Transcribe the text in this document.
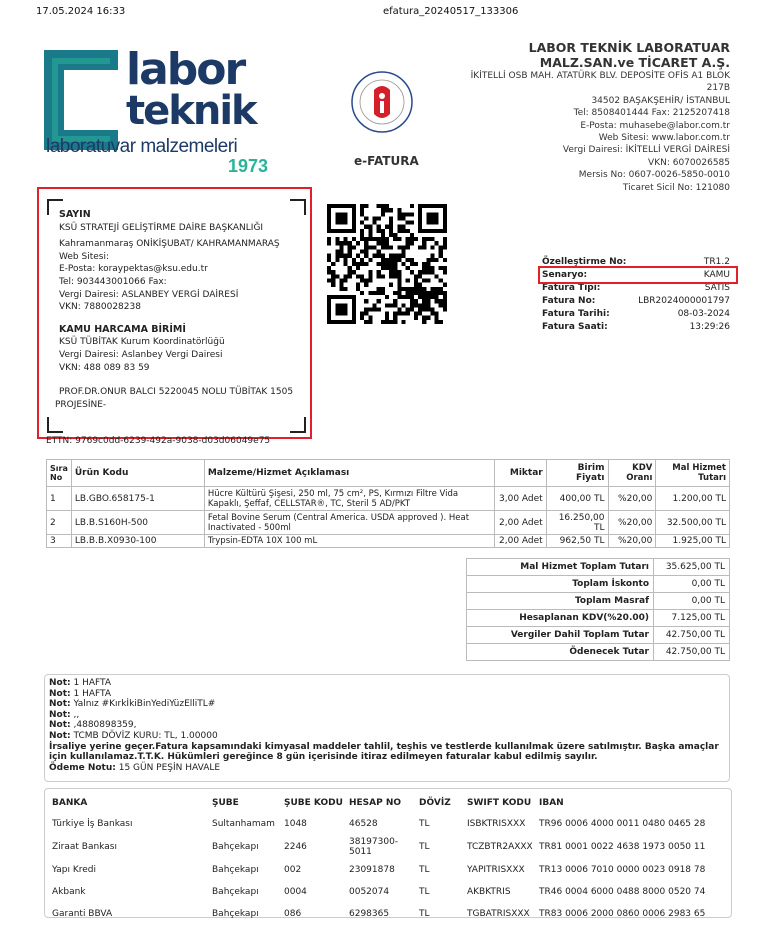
17.05.2024 16:33	efatura_20240517_133306
labor
teknik
laboratuvar malzemeleri
1973	e-FATURA
LABOR TEKNİK LABORATUAR
MALZ.SAN.ve TİCARET A.Ş.
İKİTELLİ OSB MAH. ATATÜRK BLV. DEPOSİTE OFİS A1 BLOK
217B
34502 BAŞAKŞEHİR/ İSTANBUL
Tel: 8508401444 Fax: 2125207418
E-Posta: muhasebe@labor.com.tr
Web Sitesi: www.labor.com.tr
Vergi Dairesi: İKİTELLİ VERGİ DAİRESİ
VKN: 6070026585
Mersis No: 0607-0026-5850-0010
Ticaret Sicil No: 121080
SAYIN
KSÜ STRATEJİ GELİŞTİRME DAİRE BAŞKANLIĞI
Kahramanmaraş ONİKİŞUBAT/ KAHRAMANMARAŞ
Web Sitesi:
E-Posta: koraypektas@ksu.edu.tr
Tel: 903443001066 Fax:
Vergi Dairesi: ASLANBEY VERGİ DAİRESİ
VKN: 7880028238
KAMU HARCAMA BİRİMİ
KSÜ TÜBİTAK Kurum Koordinatörlüğü
Vergi Dairesi: Aslanbey Vergi Dairesi
VKN: 488 089 83 59
PROF.DR.ONUR BALCI 5220045 NOLU TÜBİTAK 1505
PROJESİNE-
Özelleştirme No:	TR1.2
Senaryo:	KAMU
Fatura Tipi:	SATIS
Fatura No:	LBR2024000001797
Fatura Tarihi:	08-03-2024
Fatura Saati:	13:29:26
ETTN: 9769c0dd-6239-492a-9038-d03d06049e75
Sıra No	Ürün Kodu	Malzeme/Hizmet Açıklaması	Miktar	Birim Fiyatı	KDV Oranı	Mal Hizmet Tutarı
1	LB.GBO.658175-1	Hücre Kültürü Şişesi, 250 ml, 75 cm², PS, Kırmızı Filtre Vida Kapaklı, Şeffaf, CELLSTAR®, TC, Steril 5 AD/PKT	3,00 Adet	400,00 TL	%20,00	1.200,00 TL
2	LB.B.S160H-500	Fetal Bovine Serum (Central America. USDA approved ). Heat Inactivated - 500ml	2,00 Adet	16.250,00 TL	%20,00	32.500,00 TL
3	LB.B.B.X0930-100	Trypsin-EDTA 10X 100 mL	2,00 Adet	962,50 TL	%20,00	1.925,00 TL
Mal Hizmet Toplam Tutarı	35.625,00 TL
Toplam İskonto	0,00 TL
Toplam Masraf	0,00 TL
Hesaplanan KDV(%20.00)	7.125,00 TL
Vergiler Dahil Toplam Tutar	42.750,00 TL
Ödenecek Tutar	42.750,00 TL
Not: 1 HAFTA
Not: 1 HAFTA
Not: Yalnız #KırkİkiBinYediYüzElliTL#
Not: ,,
Not: ,4880898359,
Not: TCMB DÖVİZ KURU: TL, 1.00000
İrsaliye yerine geçer.Fatura kapsamındaki kimyasal maddeler tahlil, teşhis ve testlerde kullanılmak üzere satılmıştır. Başka amaçlar için kullanılamaz.T.T.K. Hükümleri gereğince 8 gün içerisinde itiraz edilmeyen faturalar kabul edilmiş sayılır.
Ödeme Notu: 15 GÜN PEŞİN HAVALE
BANKA	ŞUBE	ŞUBE KODU	HESAP NO	DÖVİZ	SWIFT KODU	IBAN
Türkiye İş Bankası	Sultanhamam	1048	46528	TL	ISBKTRISXXX	TR96 0006 4000 0011 0480 0465 28
Ziraat Bankası	Bahçekapı	2246	38197300-5011	TL	TCZBTR2AXXX	TR81 0001 0022 4638 1973 0050 11
Yapı Kredi	Bahçekapı	002	23091878	TL	YAPITRISXXX	TR13 0006 7010 0000 0023 0918 78
Akbank	Bahçekapı	0004	0052074	TL	AKBKTRIS	TR46 0004 6000 0488 8000 0520 74
Garanti BBVA	Bahçekapı	086	6298365	TL	TGBATRISXXX	TR83 0006 2000 0860 0006 2983 65
